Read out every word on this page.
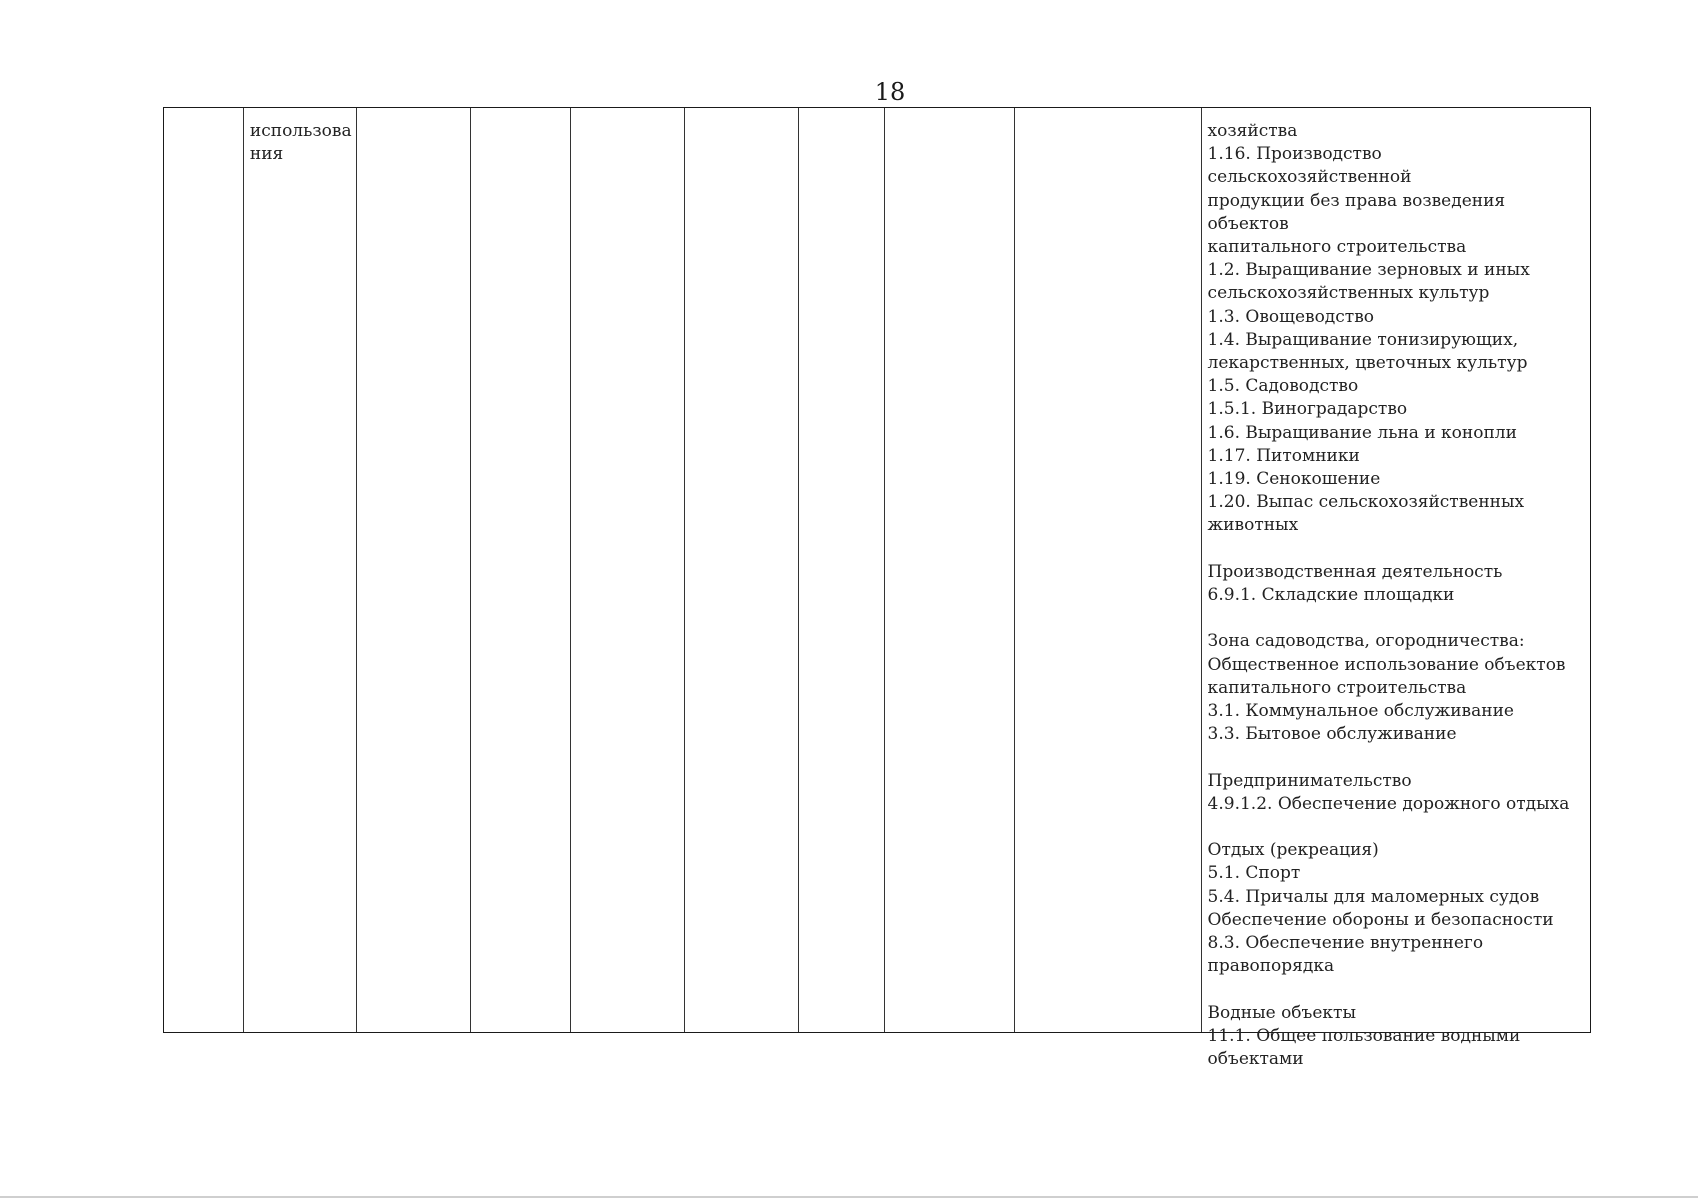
18
использова
ния
хозяйства
1.16. Производство сельскохозяйственной
продукции без права возведения объектов
капитального строительства
1.2. Выращивание зерновых и иных
сельскохозяйственных культур
1.3. Овощеводство
1.4. Выращивание тонизирующих,
лекарственных, цветочных культур
1.5. Садоводство
1.5.1. Виноградарство
1.6. Выращивание льна и конопли
1.17. Питомники
1.19. Сенокошение
1.20. Выпас сельскохозяйственных
животных
Производственная деятельность
6.9.1. Складские площадки
Зона садоводства, огородничества:
Общественное использование объектов
капитального строительства
3.1. Коммунальное обслуживание
3.3. Бытовое обслуживание
Предпринимательство
4.9.1.2. Обеспечение дорожного отдыха
Отдых (рекреация)
5.1. Спорт
5.4. Причалы для маломерных судов
Обеспечение обороны и безопасности
8.3. Обеспечение внутреннего
правопорядка
Водные объекты
11.1. Общее пользование водными
объектами
